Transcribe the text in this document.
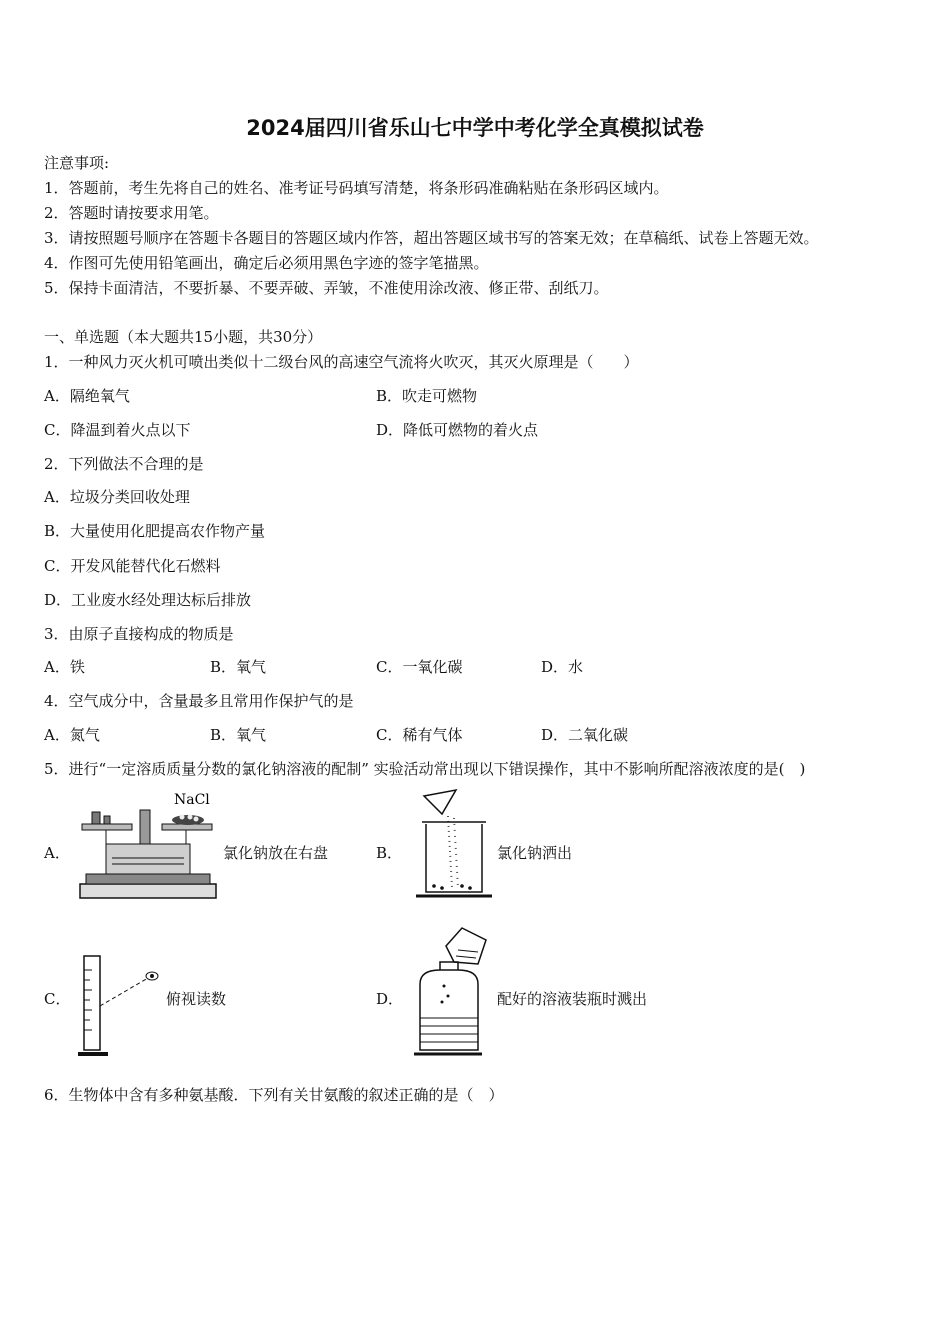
2024届四川省乐山七中学中考化学全真模拟试卷
注意事项:
1．答题前，考生先将自己的姓名、准考证号码填写清楚，将条形码准确粘贴在条形码区域内。
2．答题时请按要求用笔。
3．请按照题号顺序在答题卡各题目的答题区域内作答，超出答题区域书写的答案无效；在草稿纸、试卷上答题无效。
4．作图可先使用铅笔画出，确定后必须用黑色字迹的签字笔描黑。
5．保持卡面清洁，不要折暴、不要弄破、弄皱，不准使用涂改液、修正带、刮纸刀。
一、单选题（本大题共15小题，共30分）
1．一种风力灭火机可喷出类似十二级台风的高速空气流将火吹灭，其灭火原理是（　　）
A．隔绝氧气	B．吹走可燃物
C．降温到着火点以下	D．降低可燃物的着火点
2．下列做法不合理的是
A．垃圾分类回收处理
B．大量使用化肥提高农作物产量
C．开发风能替代化石燃料
D．工业废水经处理达标后排放
3．由原子直接构成的物质是
A．铁	B．氧气	C．一氧化碳	D．水
4．空气成分中，含量最多且常用作保护气的是
A．氮气	B．氧气	C．稀有气体	D．二氧化碳
5．进行“一定溶质质量分数的氯化钠溶液的配制” 实验活动常出现以下错误操作，其中不影响所配溶液浓度的是(　)
A．
NaCl
氯化钠放在右盘	B．	氯化钠洒出
C．	俯视读数	D．	配好的溶液装瓶时溅出
6．生物体中含有多种氨基酸．下列有关甘氨酸的叙述正确的是（　）
